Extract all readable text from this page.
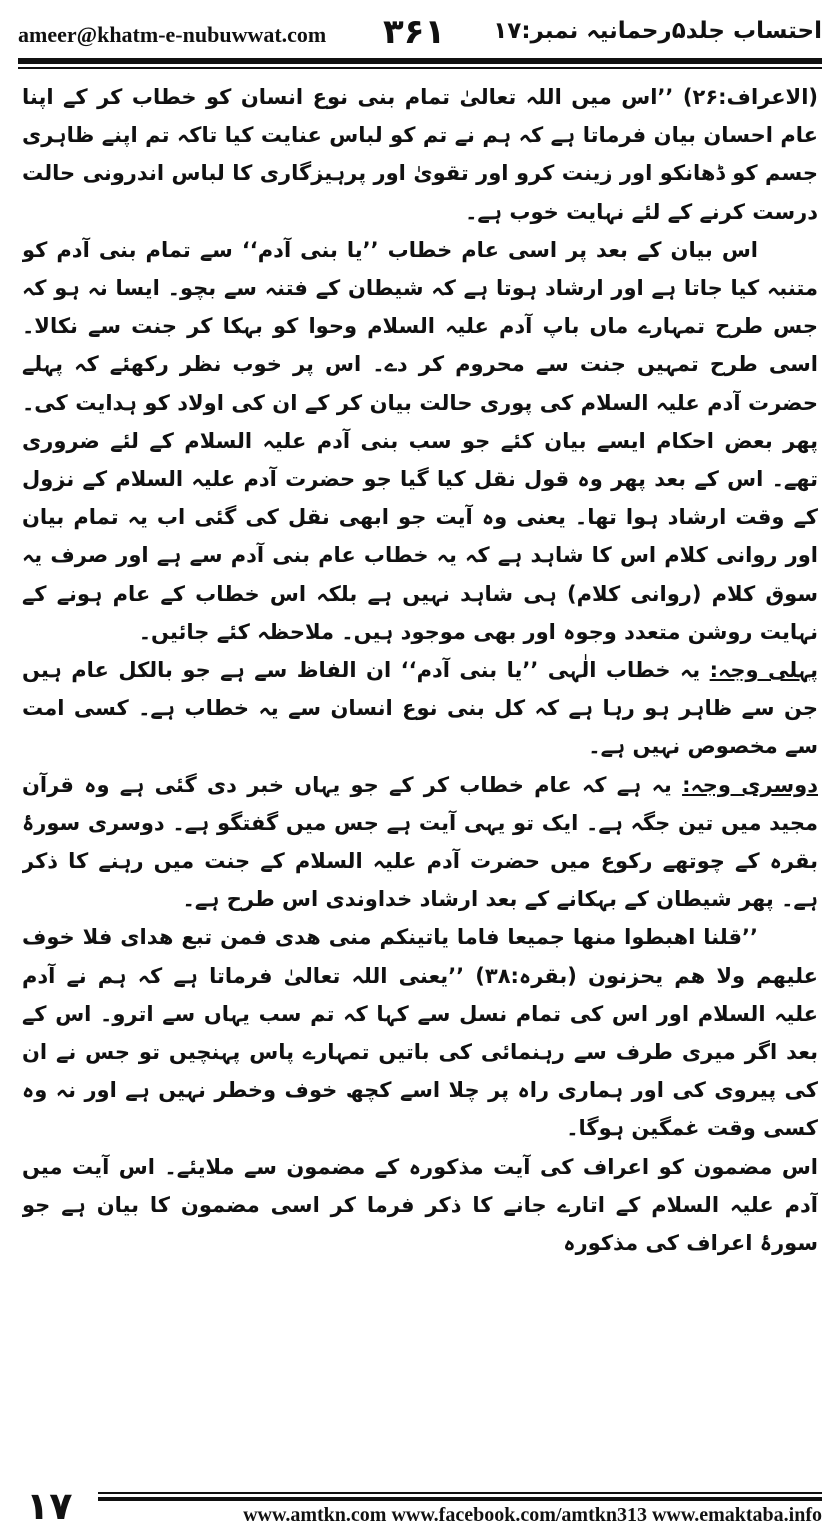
ameer@khatm-e-nubuwwat.com ۳۶۱ احتساب جلد۵رحمانیہ نمبر:۱۷

(الاعراف:۲۶) ’’اس میں اللہ تعالیٰ تمام بنی نوع انسان کو خطاب کر کے اپنا عام احسان بیان فرماتا ہے کہ ہم نے تم کو لباس عنایت کیا تاکہ تم اپنے ظاہری جسم کو ڈھانکو اور زینت کرو اور تقویٰ اور پرہیزگاری کا لباس اندرونی حالت درست کرنے کے لئے نہایت خوب ہے۔

اس بیان کے بعد پر اسی عام خطاب ’’یا بنی آدم‘‘ سے تمام بنی آدم کو متنبہ کیا جاتا ہے اور ارشاد ہوتا ہے کہ شیطان کے فتنہ سے بچو۔ ایسا نہ ہو کہ جس طرح تمہارے ماں باپ آدم علیہ السلام وحوا کو بہکا کر جنت سے نکالا۔ اسی طرح تمہیں جنت سے محروم کر دے۔ اس پر خوب نظر رکھئے کہ پہلے حضرت آدم علیہ السلام کی پوری حالت بیان کر کے ان کی اولاد کو ہدایت کی۔ پھر بعض احکام ایسے بیان کئے جو سب بنی آدم علیہ السلام کے لئے ضروری تھے۔ اس کے بعد پھر وہ قول نقل کیا گیا جو حضرت آدم علیہ السلام کے نزول کے وقت ارشاد ہوا تھا۔ یعنی وہ آیت جو ابھی نقل کی گئی اب یہ تمام بیان اور روانی کلام اس کا شاہد ہے کہ یہ خطاب عام بنی آدم سے ہے اور صرف یہ سوق کلام (روانی کلام) ہی شاہد نہیں ہے بلکہ اس خطاب کے عام ہونے کے نہایت روشن متعدد وجوہ اور بھی موجود ہیں۔ ملاحظہ کئے جائیں۔

پہلی وجہ: یہ خطاب الٰہی ’’یا بنی آدم‘‘ ان الفاظ سے ہے جو بالکل عام ہیں جن سے ظاہر ہو رہا ہے کہ کل بنی نوع انسان سے یہ خطاب ہے۔ کسی امت سے مخصوص نہیں ہے۔

دوسری وجہ: یہ ہے کہ عام خطاب کر کے جو یہاں خبر دی گئی ہے وہ قرآن مجید میں تین جگہ ہے۔ ایک تو یہی آیت ہے جس میں گفتگو ہے۔ دوسری سورۂ بقرہ کے چوتھے رکوع میں حضرت آدم علیہ السلام کے جنت میں رہنے کا ذکر ہے۔ پھر شیطان کے بہکانے کے بعد ارشاد خداوندی اس طرح ہے۔

’’قلنا اھبطوا منھا جمیعا فاما یاتینکم منی ھدی فمن تبع ھدای فلا خوف علیھم ولا ھم یحزنون (بقرہ:۳۸) ’’یعنی اللہ تعالیٰ فرماتا ہے کہ ہم نے آدم علیہ السلام اور اس کی تمام نسل سے کہا کہ تم سب یہاں سے اترو۔ اس کے بعد اگر میری طرف سے رہنمائی کی باتیں تمہارے پاس پہنچیں تو جس نے ان کی پیروی کی اور ہماری راہ پر چلا اسے کچھ خوف وخطر نہیں ہے اور نہ وہ کسی وقت غمگین ہوگا۔

اس مضمون کو اعراف کی آیت مذکورہ کے مضمون سے ملایئے۔ اس آیت میں آدم علیہ السلام کے اتارے جانے کا ذکر فرما کر اسی مضمون کا بیان ہے جو سورۂ اعراف کی مذکورہ

۱۷	www.amtkn.com www.facebook.com/amtkn313 www.emaktaba.info
